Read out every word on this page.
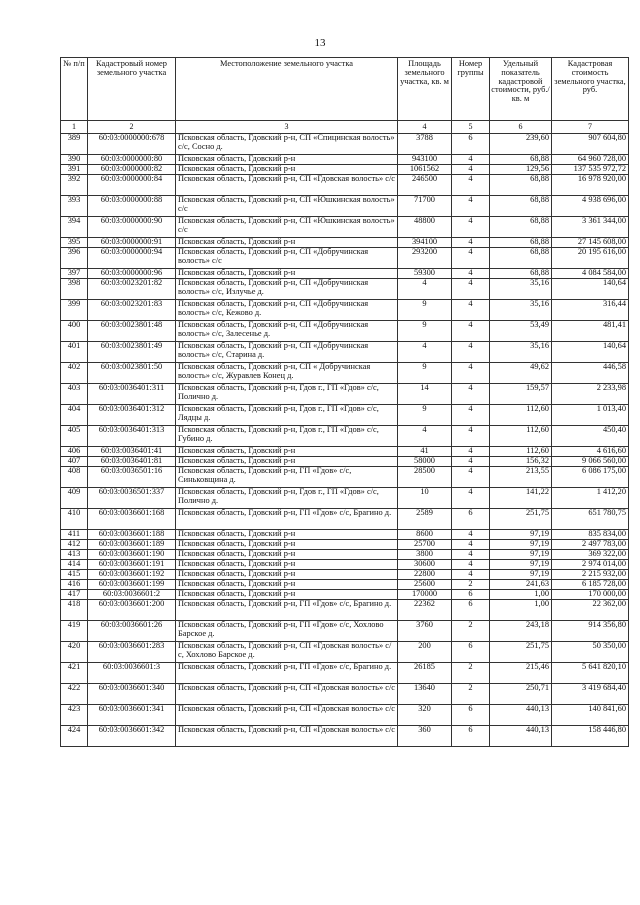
13
№ п/п	Кадастровый номер земельного участка	Местоположение земельного участка	Площадь земельного участка, кв. м	Номер группы	Удельный показатель кадастровой стоимости, руб./кв. м	Кадастровая стоимость земельного участка, руб.
1	2	3	4	5	6	7
389	60:03:0000000:678	Псковская область, Гдовский р-н, СП «Спицинская волость» с/с, Сосно д.	3788	6	239,60	907 604,80
390	60:03:0000000:80	Псковская область, Гдовский р-н	943100	4	68,88	64 960 728,00
391	60:03:0000000:82	Псковская область, Гдовский р-н	1061562	4	129,56	137 535 972,72
392	60:03:0000000:84	Псковская область, Гдовский р-н, СП «Гдовская волость» с/с	246500	4	68,88	16 978 920,00
393	60:03:0000000:88	Псковская область, Гдовский р-н, СП «Юшкинская волость» с/с	71700	4	68,88	4 938 696,00
394	60:03:0000000:90	Псковская область, Гдовский р-н, СП «Юшкинская волость» с/с	48800	4	68,88	3 361 344,00
395	60:03:0000000:91	Псковская область, Гдовский р-н	394100	4	68,88	27 145 608,00
396	60:03:0000000:94	Псковская область, Гдовский р-н, СП «Добручинская волость» с/с	293200	4	68,88	20 195 616,00
397	60:03:0000000:96	Псковская область, Гдовский р-н	59300	4	68,88	4 084 584,00
398	60:03:0023201:82	Псковская область, Гдовский р-н, СП «Добручинская волость» с/с, Излучье д.	4	4	35,16	140,64
399	60:03:0023201:83	Псковская область, Гдовский р-н, СП «Добручинская волость» с/с, Кежово д.	9	4	35,16	316,44
400	60:03:0023801:48	Псковская область, Гдовский р-н, СП «Добручинская волость» с/с, Залесенье д.	9	4	53,49	481,41
401	60:03:0023801:49	Псковская область, Гдовский р-н, СП «Добручинская волость» с/с, Старина д.	4	4	35,16	140,64
402	60:03:0023801:50	Псковская область, Гдовский р-н, СП « Добручинская волость» с/с, Журавлев Конец д.	9	4	49,62	446,58
403	60:03:0036401:311	Псковская область, Гдовский р-н, Гдов г., ГП «Гдов» с/с, Полично д.	14	4	159,57	2 233,98
404	60:03:0036401:312	Псковская область, Гдовский р-н, Гдов г., ГП «Гдов» с/с, Лядцы д.	9	4	112,60	1 013,40
405	60:03:0036401:313	Псковская область, Гдовский р-н, Гдов г., ГП «Гдов» с/с, Губино д.	4	4	112,60	450,40
406	60:03:0036401:41	Псковская область, Гдовский р-н	41	4	112,60	4 616,60
407	60:03:0036401:81	Псковская область, Гдовский р-н	58000	4	156,32	9 066 560,00
408	60:03:0036501:16	Псковская область, Гдовский р-н, ГП «Гдов» с/с, Синьковщина д.	28500	4	213,55	6 086 175,00
409	60:03:0036501:337	Псковская область, Гдовский р-н, Гдов г., ГП «Гдов» с/с, Полично д.	10	4	141,22	1 412,20
410	60:03:0036601:168	Псковская область, Гдовский р-н, ГП «Гдов» с/с, Брагино д.	2589	6	251,75	651 780,75
411	60:03:0036601:188	Псковская область, Гдовский р-н	8600	4	97,19	835 834,00
412	60:03:0036601:189	Псковская область, Гдовский р-н	25700	4	97,19	2 497 783,00
413	60:03:0036601:190	Псковская область, Гдовский р-н	3800	4	97,19	369 322,00
414	60:03:0036601:191	Псковская область, Гдовский р-н	30600	4	97,19	2 974 014,00
415	60:03:0036601:192	Псковская область, Гдовский р-н	22800	4	97,19	2 215 932,00
416	60:03:0036601:199	Псковская область, Гдовский р-н	25600	2	241,63	6 185 728,00
417	60:03:0036601:2	Псковская область, Гдовский р-н	170000	6	1,00	170 000,00
418	60:03:0036601:200	Псковская область, Гдовский р-н, ГП «Гдов» с/с, Брагино д.	22362	6	1,00	22 362,00
419	60:03:0036601:26	Псковская область, Гдовский р-н, ГП «Гдов» с/с, Хохлово Барское д.	3760	2	243,18	914 356,80
420	60:03:0036601:283	Псковская область, Гдовский р-н, СП «Гдовская волость» с/с, Хохлово Барское д.	200	6	251,75	50 350,00
421	60:03:0036601:3	Псковская область, Гдовский р-н, ГП «Гдов» с/с, Брагино д.	26185	2	215,46	5 641 820,10
422	60:03:0036601:340	Псковская область, Гдовский р-н, СП «Гдовская волость» с/с	13640	2	250,71	3 419 684,40
423	60:03:0036601:341	Псковская область, Гдовский р-н, СП «Гдовская волость» с/с	320	6	440,13	140 841,60
424	60:03:0036601:342	Псковская область, Гдовский р-н, СП «Гдовская волость» с/с	360	6	440,13	158 446,80
